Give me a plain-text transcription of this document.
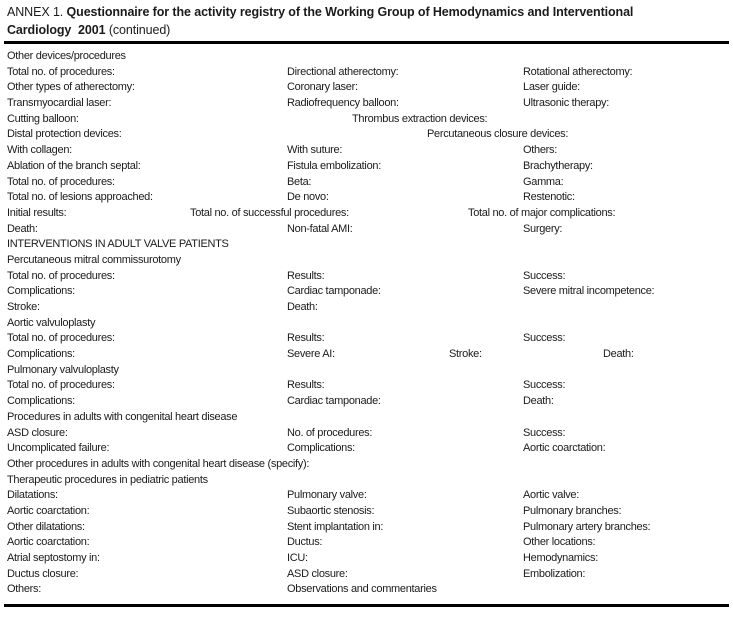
ANNEX 1. Questionnaire for the activity registry of the Working Group of Hemodynamics and Interventional
Cardiology  2001 (continued)
Other devices/procedures
Total no. of procedures:	Directional atherectomy:	Rotational atherectomy:
Other types of atherectomy:	Coronary laser:	Laser guide:
Transmyocardial laser:	Radiofrequency balloon:	Ultrasonic therapy:
Cutting balloon:	Thrombus extraction devices:
Distal protection devices:	Percutaneous closure devices:
With collagen:	With suture:	Others:
Ablation of the branch septal:	Fistula embolization:	Brachytherapy:
Total no. of procedures:	Beta:	Gamma:
Total no. of lesions approached:	De novo:	Restenotic:
Initial results:	Total no. of successful procedures:	Total no. of major complications:
Death:	Non-fatal AMI:	Surgery:
INTERVENTIONS IN ADULT VALVE PATIENTS
Percutaneous mitral commissurotomy
Total no. of procedures:	Results:	Success:
Complications:	Cardiac tamponade:	Severe mitral incompetence:
Stroke:	Death:
Aortic valvuloplasty
Total no. of procedures:	Results:	Success:
Complications:	Severe AI:	Stroke:	Death:
Pulmonary valvuloplasty
Total no. of procedures:	Results:	Success:
Complications:	Cardiac tamponade:	Death:
Procedures in adults with congenital heart disease
ASD closure:	No. of procedures:	Success:
Uncomplicated failure:	Complications:	Aortic coarctation:
Other procedures in adults with congenital heart disease (specify):
Therapeutic procedures in pediatric patients
Dilatations:	Pulmonary valve:	Aortic valve:
Aortic coarctation:	Subaortic stenosis:	Pulmonary branches:
Other dilatations:	Stent implantation in:	Pulmonary artery branches:
Aortic coarctation:	Ductus:	Other locations:
Atrial septostomy in:	ICU:	Hemodynamics:
Ductus closure:	ASD closure:	Embolization:
Others:	Observations and commentaries
